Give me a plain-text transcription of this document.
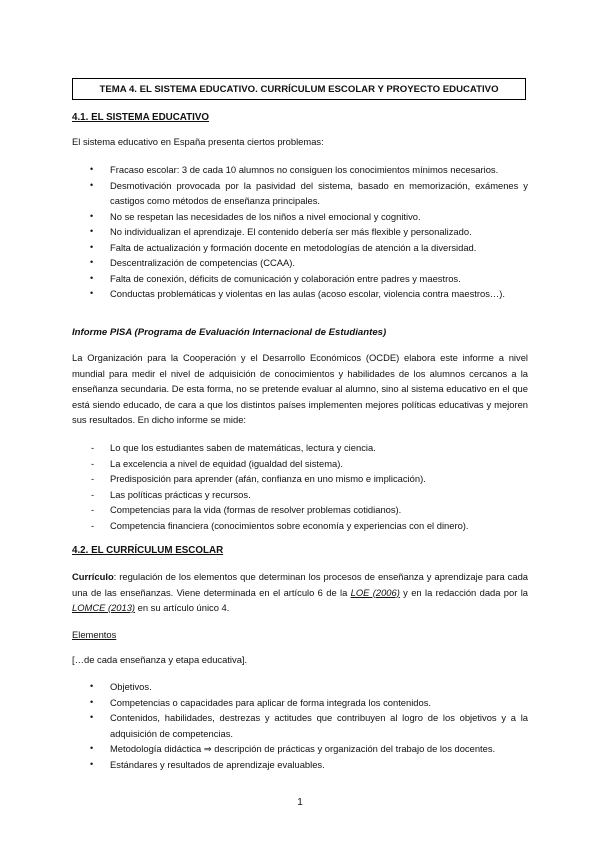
TEMA 4. EL SISTEMA EDUCATIVO. CURRÍCULUM ESCOLAR Y PROYECTO EDUCATIVO
4.1. EL SISTEMA EDUCATIVO
El sistema educativo en España presenta ciertos problemas:
• Fracaso escolar: 3 de cada 10 alumnos no consiguen los conocimientos mínimos necesarios.
• Desmotivación provocada por la pasividad del sistema, basado en memorización, exámenes y castigos como métodos de enseñanza principales.
• No se respetan las necesidades de los niños a nivel emocional y cognitivo.
• No individualizan el aprendizaje. El contenido debería ser más flexible y personalizado.
• Falta de actualización y formación docente en metodologías de atención a la diversidad.
• Descentralización de competencias (CCAA).
• Falta de conexión, déficits de comunicación y colaboración entre padres y maestros.
• Conductas problemáticas y violentas en las aulas (acoso escolar, violencia contra maestros…).
Informe PISA (Programa de Evaluación Internacional de Estudiantes)
La Organización para la Cooperación y el Desarrollo Económicos (OCDE) elabora este informe a nivel mundial para medir el nivel de adquisición de conocimientos y habilidades de los alumnos cercanos a la enseñanza secundaria. De esta forma, no se pretende evaluar al alumno, sino al sistema educativo en el que está siendo educado, de cara a que los distintos países implementen mejores políticas educativas y mejoren sus resultados. En dicho informe se mide:
- Lo que los estudiantes saben de matemáticas, lectura y ciencia.
- La excelencia a nivel de equidad (igualdad del sistema).
- Predisposición para aprender (afán, confianza en uno mismo e implicación).
- Las políticas prácticas y recursos.
- Competencias para la vida (formas de resolver problemas cotidianos).
- Competencia financiera (conocimientos sobre economía y experiencias con el dinero).
4.2. EL CURRÍCULUM ESCOLAR
Currículo: regulación de los elementos que determinan los procesos de enseñanza y aprendizaje para cada una de las enseñanzas. Viene determinada en el artículo 6 de la LOE (2006) y en la redacción dada por la LOMCE (2013) en su artículo único 4.
Elementos
[…de cada enseñanza y etapa educativa].
• Objetivos.
• Competencias o capacidades para aplicar de forma integrada los contenidos.
• Contenidos, habilidades, destrezas y actitudes que contribuyen al logro de los objetivos y a la adquisición de competencias.
• Metodología didáctica ⇒ descripción de prácticas y organización del trabajo de los docentes.
• Estándares y resultados de aprendizaje evaluables.
1
